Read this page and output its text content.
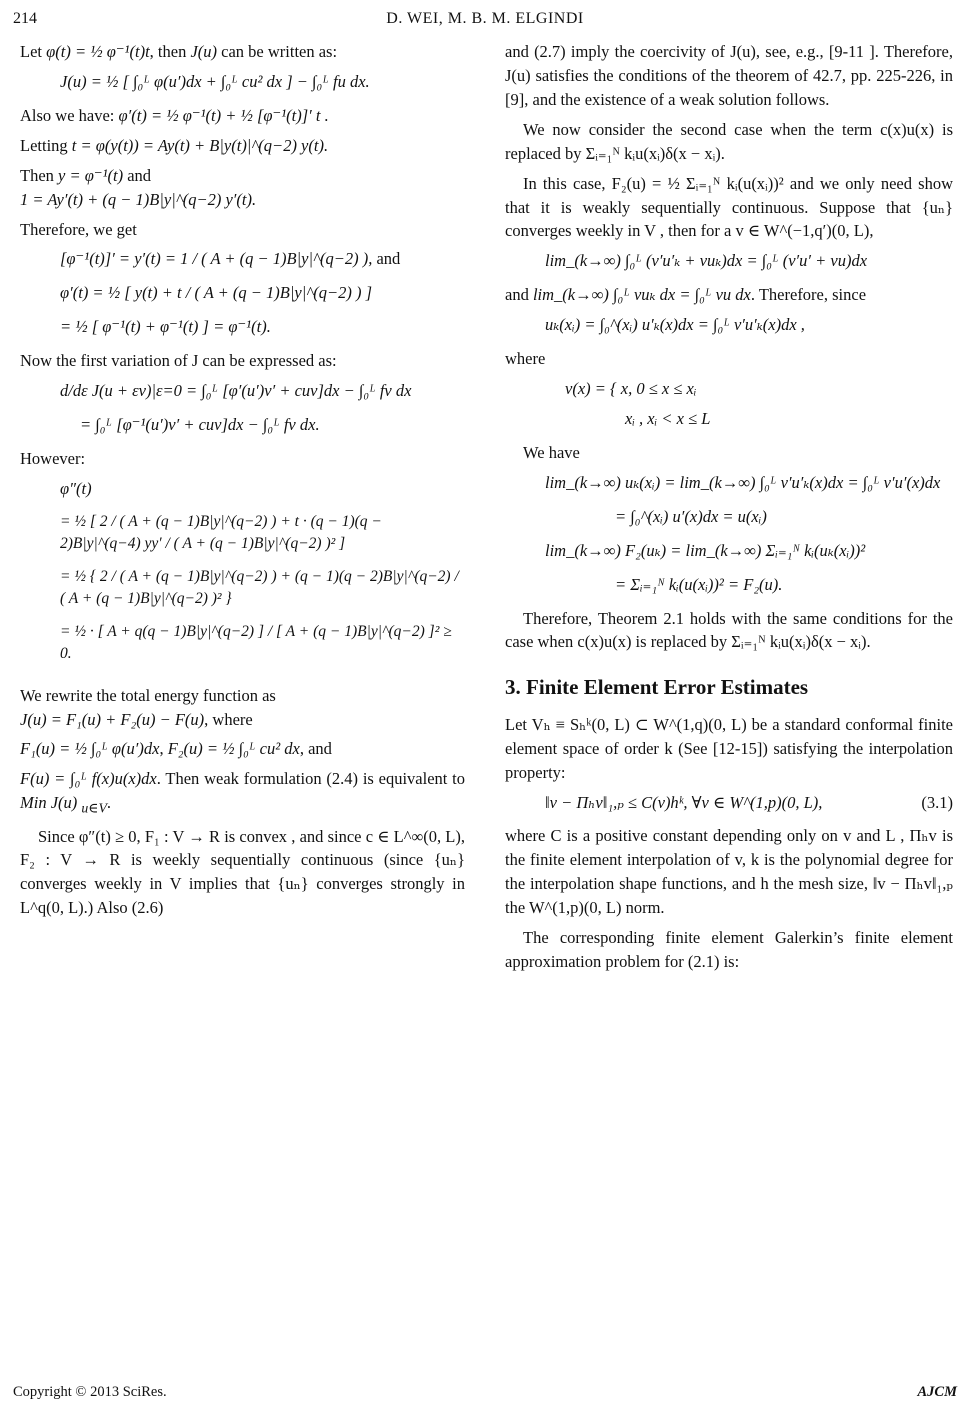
214	D. WEI, M. B. M. ELGINDI

Let φ(t) = ½ φ⁻¹(t)t, then J(u) can be written as:

J(u) = ½ [ ∫₀ᴸ φ(u′)dx + ∫₀ᴸ cu² dx ] − ∫₀ᴸ fu dx.

Also we have: φ′(t) = ½ φ⁻¹(t) + ½ [φ⁻¹(t)]′ t .

Letting t = φ(y(t)) = Ay(t) + B|y(t)|^(q−2) y(t).

Then y = φ⁻¹(t) and
1 = Ay′(t) + (q − 1)B|y|^(q−2) y′(t).

Therefore, we get

[φ⁻¹(t)]′ = y′(t) = 1 / ( A + (q − 1)B|y|^(q−2) ), and
φ′(t) = ½ [ y(t) + t / ( A + (q − 1)B|y|^(q−2) ) ]
= ½ [ φ⁻¹(t) + φ⁻¹(t) ] = φ⁻¹(t).

Now the first variation of J can be expressed as:

d/dε J(u + εv)|ε=0 = ∫₀ᴸ [φ′(u′)v′ + cuv]dx − ∫₀ᴸ fv dx
= ∫₀ᴸ [φ⁻¹(u′)v′ + cuv]dx − ∫₀ᴸ fv dx.

However:

φ″(t)
= ½ [ 2 / ( A + (q − 1)B|y|^(q−2) ) + t · (q − 1)(q − 2)B|y|^(q−4) yy′ / ( A + (q − 1)B|y|^(q−2) )² ]
= ½ { 2 / ( A + (q − 1)B|y|^(q−2) ) + (q − 1)(q − 2)B|y|^(q−2) / ( A + (q − 1)B|y|^(q−2) )² }
= ½ · [ A + q(q − 1)B|y|^(q−2) ] / [ A + (q − 1)B|y|^(q−2) ]² ≥ 0.

We rewrite the total energy function as
J(u) = F₁(u) + F₂(u) − F(u), where

F₁(u) = ½ ∫₀ᴸ φ(u′)dx, F₂(u) = ½ ∫₀ᴸ cu² dx, and

F(u) = ∫₀ᴸ f(x)u(x)dx. Then weak formulation (2.4) is equivalent to Min J(u) $_{u\in V}$.

Since φ″(t) ≥ 0, F₁ : V → R is convex , and since c ∈ L^∞(0, L), F₂ : V → R is weekly sequentially continuous (since {uₙ} converges weekly in V implies that {uₙ} converges strongly in L^q(0, L).) Also (2.6)

and (2.7) imply the coercivity of J(u), see, e.g., [9-11 ]. Therefore, J(u) satisfies the conditions of the theorem of 42.7, pp. 225-226, in [9], and the existence of a weak solution follows.

We now consider the second case when the term c(x)u(x) is replaced by Σᵢ₌₁ᴺ kᵢu(xᵢ)δ(x − xᵢ).

In this case, F₂(u) = ½ Σᵢ₌₁ᴺ kᵢ(u(xᵢ))² and we only need show that it is weakly sequentially continuous. Suppose that {uₙ} converges weekly in V , then for a v ∈ W^(−1,q′)(0, L),

lim_(k→∞) ∫₀ᴸ (v′u′ₖ + vuₖ)dx = ∫₀ᴸ (v′u′ + vu)dx

and lim_(k→∞) ∫₀ᴸ vuₖ dx = ∫₀ᴸ vu dx. Therefore, since

uₖ(xᵢ) = ∫₀^(xᵢ) u′ₖ(x)dx = ∫₀ᴸ v′u′ₖ(x)dx ,

where

v(x) = { x, 0 ≤ x ≤ xᵢ
xᵢ , xᵢ < x ≤ L

We have

lim_(k→∞) uₖ(xᵢ) = lim_(k→∞) ∫₀ᴸ v′u′ₖ(x)dx = ∫₀ᴸ v′u′(x)dx
= ∫₀^(xᵢ) u′(x)dx = u(xᵢ)
lim_(k→∞) F₂(uₖ) = lim_(k→∞) Σᵢ₌₁ᴺ kᵢ(uₖ(xᵢ))²
= Σᵢ₌₁ᴺ kᵢ(u(xᵢ))² = F₂(u).

Therefore, Theorem 2.1 holds with the same conditions for the case when c(x)u(x) is replaced by Σᵢ₌₁ᴺ kᵢu(xᵢ)δ(x − xᵢ).

3. Finite Element Error Estimates

Let Vₕ ≡ Sₕᵏ(0, L) ⊂ W^(1,q)(0, L) be a standard conformal finite element space of order k (See [12-15]) satisfying the interpolation property:

‖v − Πₕv‖₁,ₚ ≤ C(v)hᵏ, ∀v ∈ W^(1,p)(0, L),	(3.1)

where C is a positive constant depending only on v and L , Πₕv is the finite element interpolation of v, k is the polynomial degree for the interpolation shape functions, and h the mesh size, ‖v − Πₕv‖₁,ₚ the W^(1,p)(0, L) norm.

The corresponding finite element Galerkin’s finite element approximation problem for (2.1) is:

Copyright © 2013 SciRes.	AJCM
